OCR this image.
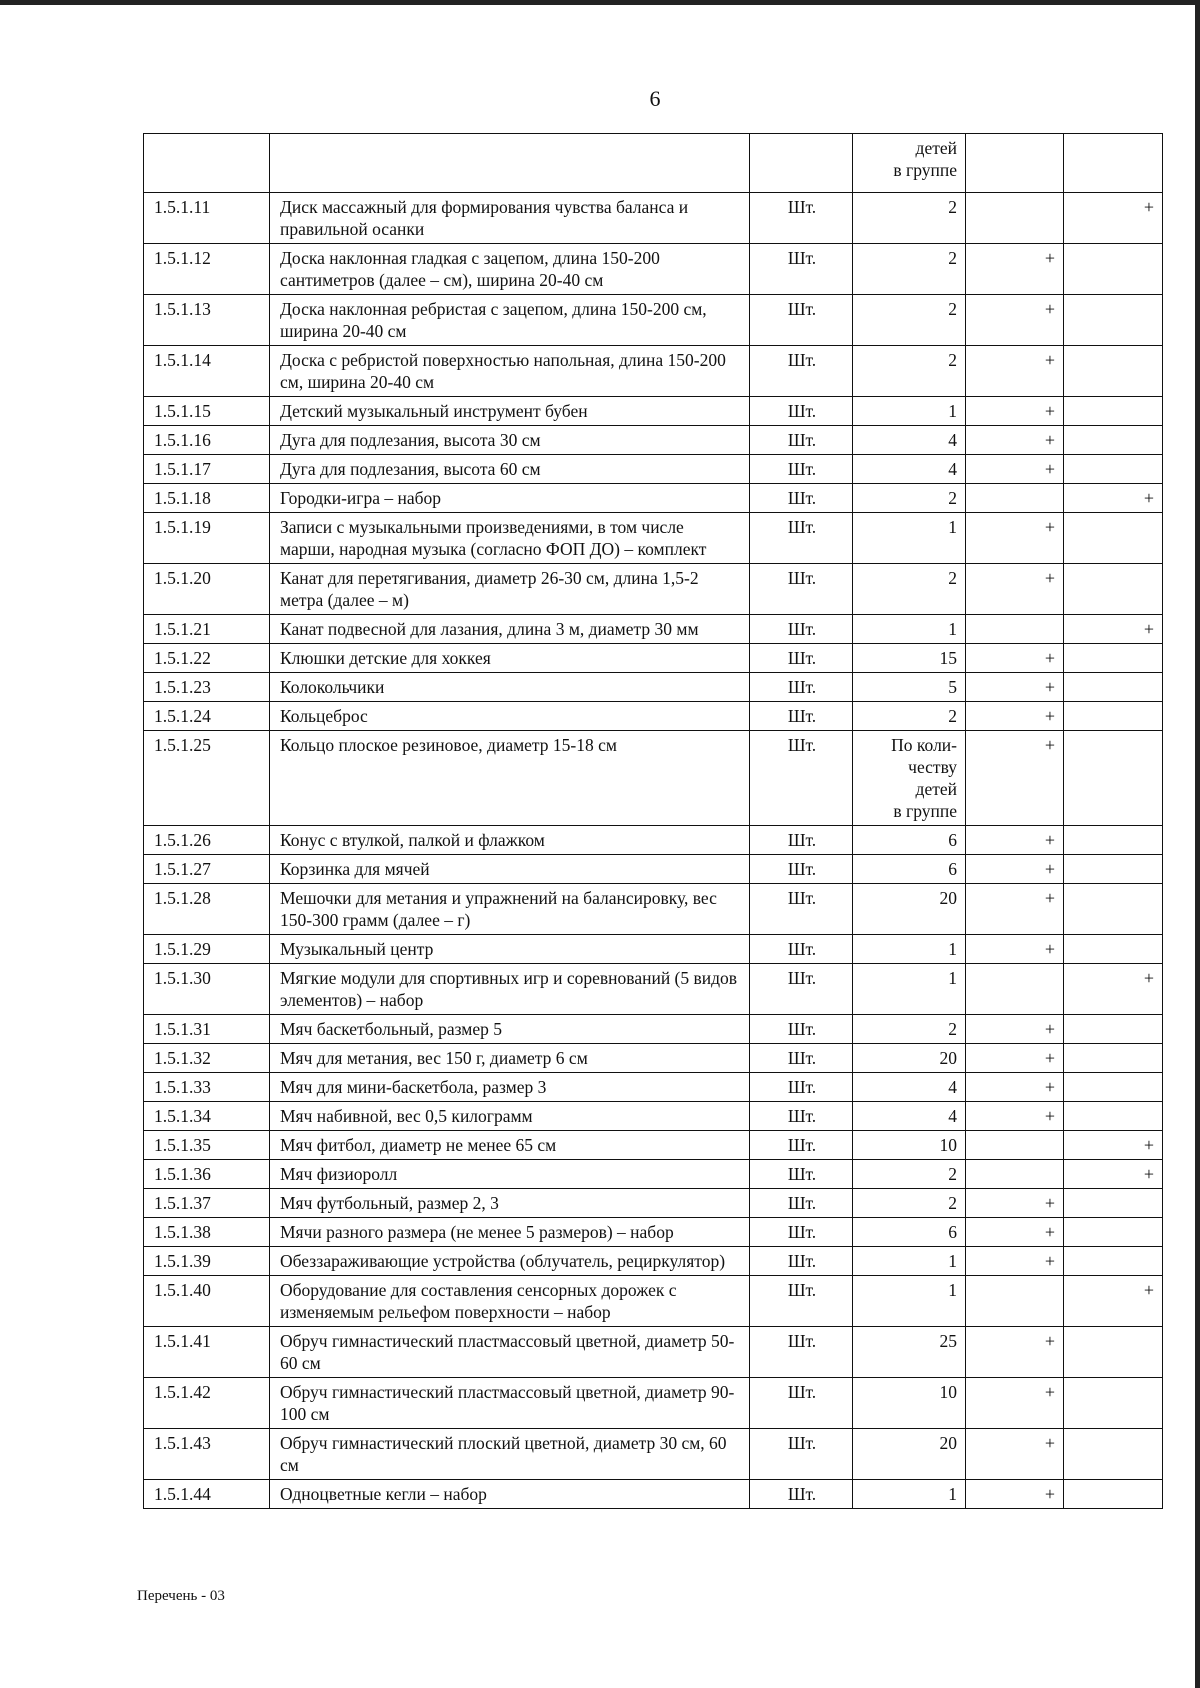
6
			детей
в группе		
1.5.1.11	Диск массажный для формирования чувства баланса и правильной осанки	Шт.	2		+
1.5.1.12	Доска наклонная гладкая с зацепом, длина 150-200 сантиметров (далее – см), ширина 20-40 см	Шт.	2	+	
1.5.1.13	Доска наклонная ребристая с зацепом, длина 150-200 см, ширина 20-40 см	Шт.	2	+	
1.5.1.14	Доска с ребристой поверхностью напольная, длина 150-200 см, ширина 20-40 см	Шт.	2	+	
1.5.1.15	Детский музыкальный инструмент бубен	Шт.	1	+	
1.5.1.16	Дуга для подлезания, высота 30 см	Шт.	4	+	
1.5.1.17	Дуга для подлезания, высота 60 см	Шт.	4	+	
1.5.1.18	Городки-игра – набор	Шт.	2		+
1.5.1.19	Записи с музыкальными произведениями, в том числе марши, народная музыка (согласно ФОП ДО) – комплект	Шт.	1	+	
1.5.1.20	Канат для перетягивания, диаметр 26-30 см, длина 1,5-2 метра (далее – м)	Шт.	2	+	
1.5.1.21	Канат подвесной для лазания, длина 3 м, диаметр 30 мм	Шт.	1		+
1.5.1.22	Клюшки детские для хоккея	Шт.	15	+	
1.5.1.23	Колокольчики	Шт.	5	+	
1.5.1.24	Кольцеброс	Шт.	2	+	
1.5.1.25	Кольцо плоское резиновое, диаметр 15-18 см	Шт.	По коли-
честву
детей
в группе	+	
1.5.1.26	Конус с втулкой, палкой и флажком	Шт.	6	+	
1.5.1.27	Корзинка для мячей	Шт.	6	+	
1.5.1.28	Мешочки для метания и упражнений на балансировку, вес 150-300 грамм (далее – г)	Шт.	20	+	
1.5.1.29	Музыкальный центр	Шт.	1	+	
1.5.1.30	Мягкие модули для спортивных игр и соревнований (5 видов элементов) – набор	Шт.	1		+
1.5.1.31	Мяч баскетбольный, размер 5	Шт.	2	+	
1.5.1.32	Мяч для метания, вес 150 г, диаметр 6 см	Шт.	20	+	
1.5.1.33	Мяч для мини-баскетбола, размер 3	Шт.	4	+	
1.5.1.34	Мяч набивной, вес 0,5 килограмм	Шт.	4	+	
1.5.1.35	Мяч фитбол, диаметр не менее 65 см	Шт.	10		+
1.5.1.36	Мяч физиоролл	Шт.	2		+
1.5.1.37	Мяч футбольный, размер 2, 3	Шт.	2	+	
1.5.1.38	Мячи разного размера (не менее 5 размеров) – набор	Шт.	6	+	
1.5.1.39	Обеззараживающие устройства (облучатель, рециркулятор)	Шт.	1	+	
1.5.1.40	Оборудование для составления сенсорных дорожек с изменяемым рельефом поверхности – набор	Шт.	1		+
1.5.1.41	Обруч гимнастический пластмассовый цветной, диаметр 50-60 см	Шт.	25	+	
1.5.1.42	Обруч гимнастический пластмассовый цветной, диаметр 90-100 см	Шт.	10	+	
1.5.1.43	Обруч гимнастический плоский цветной, диаметр 30 см, 60 см	Шт.	20	+	
1.5.1.44	Одноцветные кегли – набор	Шт.	1	+	
Перечень - 03
